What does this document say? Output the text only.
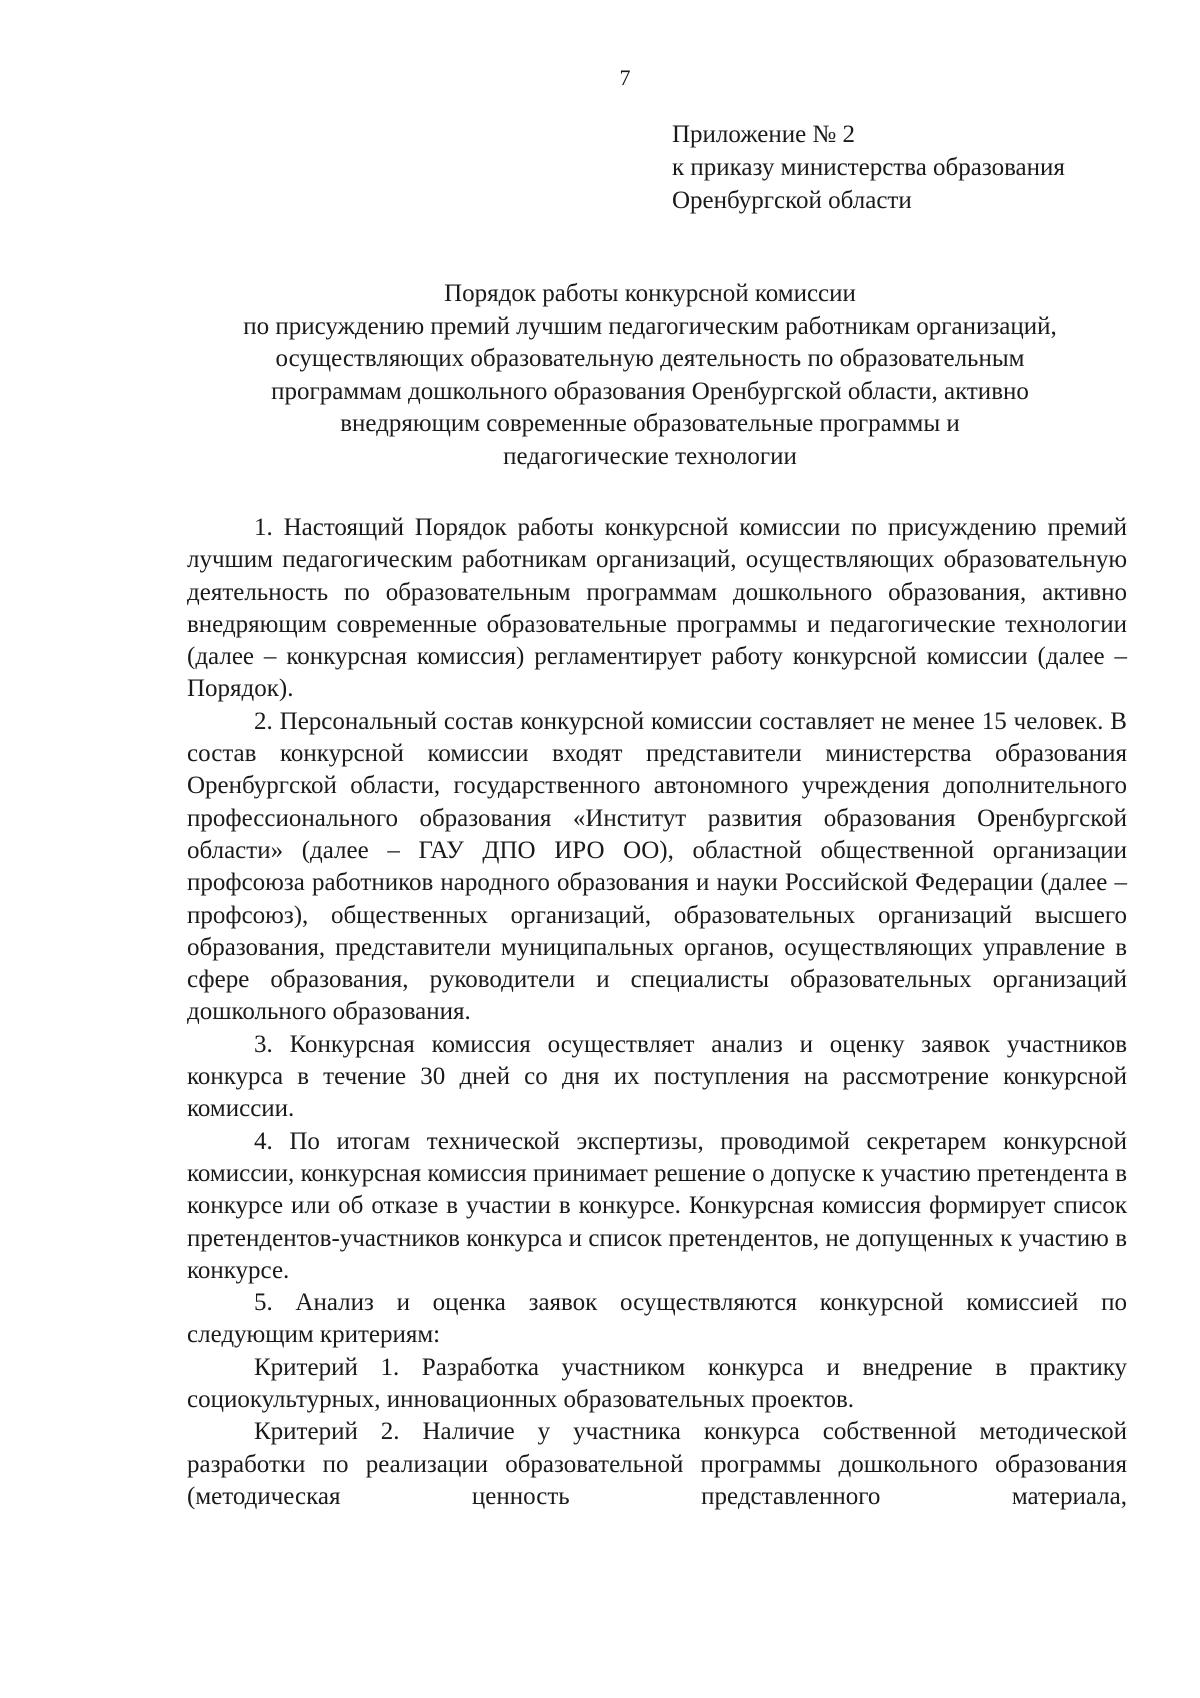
7
Приложение № 2
к приказу министерства образования
Оренбургской области
Порядок работы конкурсной комиссии
по присуждению премий лучшим педагогическим работникам организаций,
осуществляющих образовательную деятельность по образовательным
программам дошкольного образования Оренбургской области, активно
внедряющим современные образовательные программы и
педагогические технологии

1. Настоящий Порядок работы конкурсной комиссии по присуждению премий лучшим педагогическим работникам организаций, осуществляющих образовательную деятельность по образовательным программам дошкольного образования, активно внедряющим современные образовательные программы и педагогические технологии (далее – конкурсная комиссия) регламентирует работу конкурсной комиссии (далее – Порядок).

2. Персональный состав конкурсной комиссии составляет не менее 15 человек. В состав конкурсной комиссии входят представители министерства образования Оренбургской области, государственного автономного учреждения дополнительного профессионального образования «Институт развития образования Оренбургской области» (далее – ГАУ ДПО ИРО ОО), областной общественной организации профсоюза работников народного образования и науки Российской Федерации (далее – профсоюз), общественных организаций, образовательных организаций высшего образования, представители муниципальных органов, осуществляющих управление в сфере образования, руководители и специалисты образовательных организаций дошкольного образования.

3. Конкурсная комиссия осуществляет анализ и оценку заявок участников конкурса в течение 30 дней со дня их поступления на рассмотрение конкурсной комиссии.

4. По итогам технической экспертизы, проводимой секретарем конкурсной комиссии, конкурсная комиссия принимает решение о допуске к участию претендента в конкурсе или об отказе в участии в конкурсе. Конкурсная комиссия формирует список претендентов-участников конкурса и список претендентов, не допущенных к участию в конкурсе.

5. Анализ и оценка заявок осуществляются конкурсной комиссией по следующим критериям:

Критерий 1. Разработка участником конкурса и внедрение в практику социокультурных, инновационных образовательных проектов.

Критерий 2. Наличие у участника конкурса собственной методической разработки по реализации образовательной программы дошкольного образования (методическая ценность представленного материала,
